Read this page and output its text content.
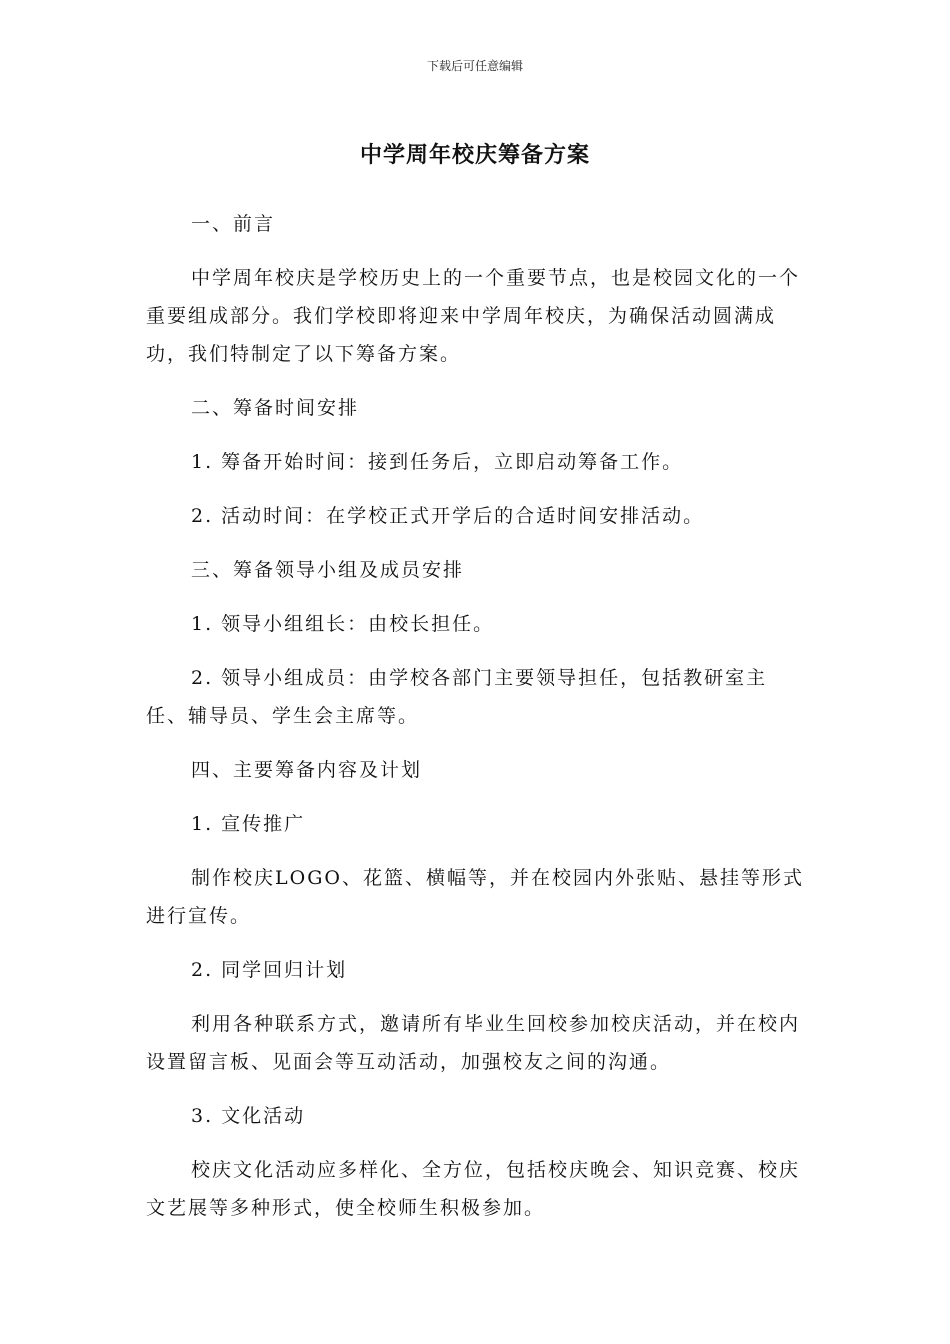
下载后可任意编辑
中学周年校庆筹备方案

一、前言

中学周年校庆是学校历史上的一个重要节点，也是校园文化的一个重要组成部分。我们学校即将迎来中学周年校庆，为确保活动圆满成功，我们特制定了以下筹备方案。

二、筹备时间安排

1. 筹备开始时间：接到任务后，立即启动筹备工作。

2. 活动时间：在学校正式开学后的合适时间安排活动。

三、筹备领导小组及成员安排

1. 领导小组组长：由校长担任。

2. 领导小组成员：由学校各部门主要领导担任，包括教研室主任、辅导员、学生会主席等。

四、主要筹备内容及计划

1. 宣传推广

制作校庆LOGO、花篮、横幅等，并在校园内外张贴、悬挂等形式进行宣传。

2. 同学回归计划

利用各种联系方式，邀请所有毕业生回校参加校庆活动，并在校内设置留言板、见面会等互动活动，加强校友之间的沟通。

3. 文化活动

校庆文化活动应多样化、全方位，包括校庆晚会、知识竞赛、校庆文艺展等多种形式，使全校师生积极参加。
